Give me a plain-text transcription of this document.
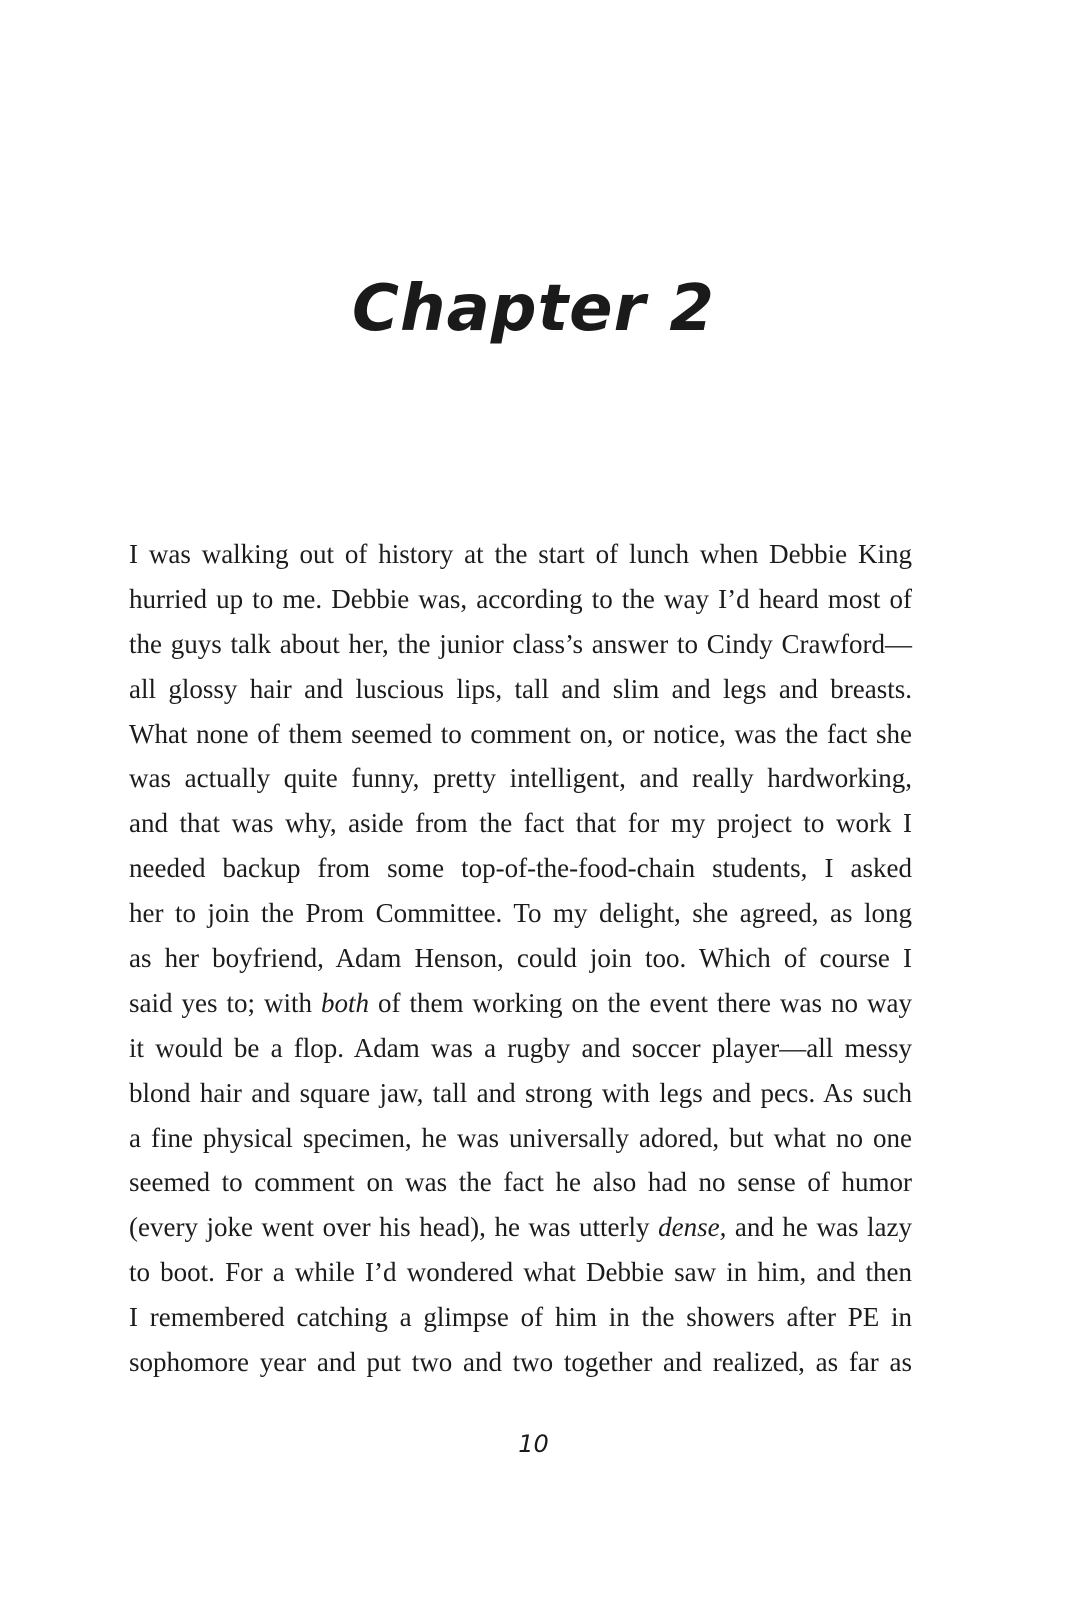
Chapter 2
I was walking out of history at the start of lunch when Debbie King
hurried up to me. Debbie was, according to the way I’d heard most of
the guys talk about her, the junior class’s answer to Cindy Crawford—
all glossy hair and luscious lips, tall and slim and legs and breasts.
What none of them seemed to comment on, or notice, was the fact she
was actually quite funny, pretty intelligent, and really hardworking,
and that was why, aside from the fact that for my project to work I
needed backup from some top-of-the-food-chain students, I asked
her to join the Prom Committee. To my delight, she agreed, as long
as her boyfriend, Adam Henson, could join too. Which of course I
said yes to; with both of them working on the event there was no way
it would be a flop. Adam was a rugby and soccer player—all messy
blond hair and square jaw, tall and strong with legs and pecs. As such
a fine physical specimen, he was universally adored, but what no one
seemed to comment on was the fact he also had no sense of humor
(every joke went over his head), he was utterly dense, and he was lazy
to boot. For a while I’d wondered what Debbie saw in him, and then
I remembered catching a glimpse of him in the showers after PE in
sophomore year and put two and two together and realized, as far as
10
